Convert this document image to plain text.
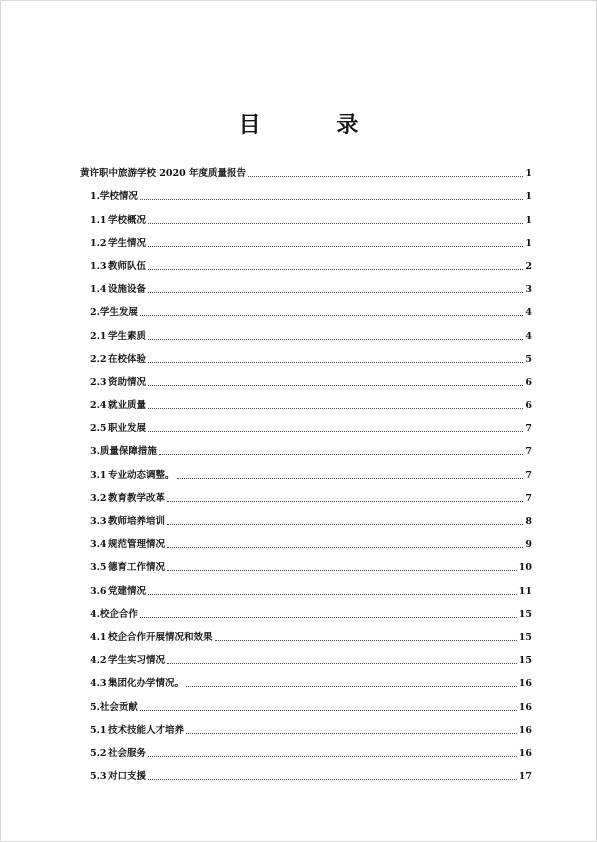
目 录
黄许职中旅游学校 2020 年度质量报告	1
1.学校情况	1
1.1学校概况	1
1.2学生情况	1
1.3教师队伍	2
1.4设施设备	3
2.学生发展	4
2.1学生素质	4
2.2在校体验	5
2.3资助情况	6
2.4就业质量	6
2.5职业发展	7
3.质量保障措施	7
3.1专业动态调整。	7
3.2教育教学改革	7
3.3教师培养培训	8
3.4规范管理情况	9
3.5德育工作情况	10
3.6党建情况	11
4.校企合作	15
4.1校企合作开展情况和效果	15
4.2学生实习情况	15
4.3集团化办学情况。	16
5.社会贡献	16
5.1技术技能人才培养	16
5.2社会服务	16
5.3对口支援	17
